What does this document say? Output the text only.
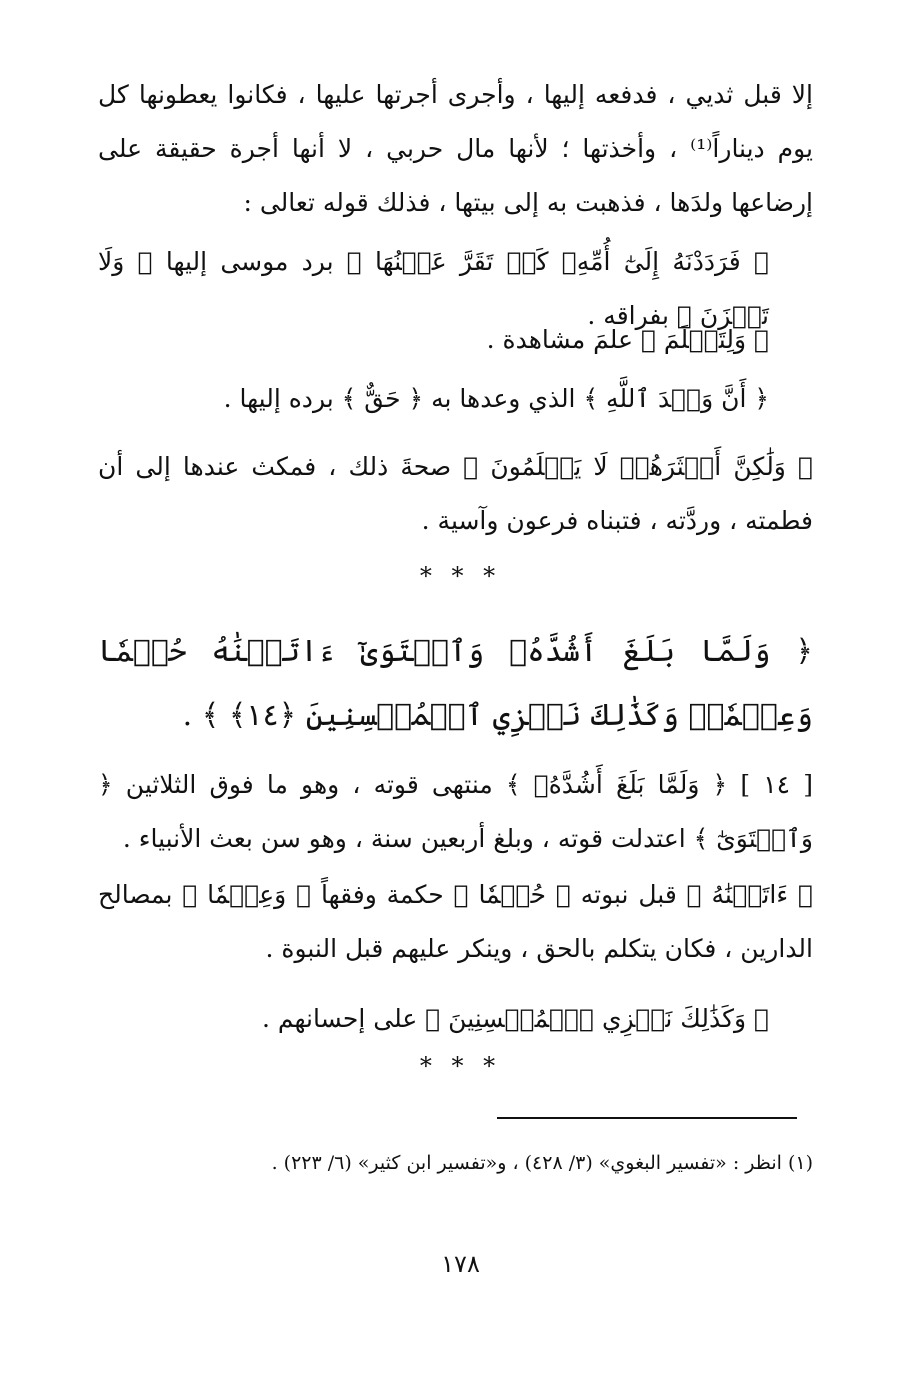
إلا قبل ثديي ، فدفعه إليها ، وأجرى أجرتها عليها ، فكانوا يعطونها كل يوم ديناراً⁽¹⁾ ، وأخذتها ؛ لأنها مال حربي ، لا أنها أجرة حقيقة على إرضاعها ولدَها ، فذهبت به إلى بيتها ، فذلك قوله تعالى :
﴿ فَرَدَدْنَهُ إِلَىٰٓ أُمِّهِۦ كَىۡ تَقَرَّ عَيۡنُهَا ﴾ برد موسى إليها ﴿ وَلَا تَحۡزَنَ ﴾ بفراقه .
﴿ وَلِتَعۡلَمَ ﴾ علمَ مشاهدة .
﴿ أَنَّ وَعۡدَ ٱللَّهِ ﴾ الذي وعدها به ﴿ حَقٌّ ﴾ برده إليها .
﴿ وَلَٰكِنَّ أَكۡثَرَهُمۡ لَا يَعۡلَمُونَ ﴾ صحةَ ذلك ، فمكث عندها إلى أن فطمته ، وردَّته ، فتبناه فرعون وآسية .
* * *
﴿ وَلَمَّا بَلَغَ أَشُدَّهُۥ وَٱسۡتَوَىٰٓ ءَاتَيۡنَٰهُ حُكۡمٗا وَعِلۡمٗاۚ وَكَذَٰلِكَ نَجۡزِي ٱلۡمُحۡسِنِينَ ﴿١٤﴾ ﴾ .
[ ١٤ ] ﴿ وَلَمَّا بَلَغَ أَشُدَّهُۥ ﴾ منتهى قوته ، وهو ما فوق الثلاثين ﴿ وَٱسۡتَوَىٰٓ ﴾ اعتدلت قوته ، وبلغ أربعين سنة ، وهو سن بعث الأنبياء .
﴿ ءَاتَيۡنَٰهُ ﴾ قبل نبوته ﴿ حُكۡمٗا ﴾ حكمة وفقهاً ﴿ وَعِلۡمٗا ﴾ بمصالح الدارين ، فكان يتكلم بالحق ، وينكر عليهم قبل النبوة .
﴿ وَكَذَٰلِكَ نَجۡزِي ٱلۡمُحۡسِنِينَ ﴾ على إحسانهم .
* * *
(١) انظر : «تفسير البغوي» (٣/ ٤٢٨) ، و«تفسير ابن كثير» (٦/ ٢٢٣) .
١٧٨
